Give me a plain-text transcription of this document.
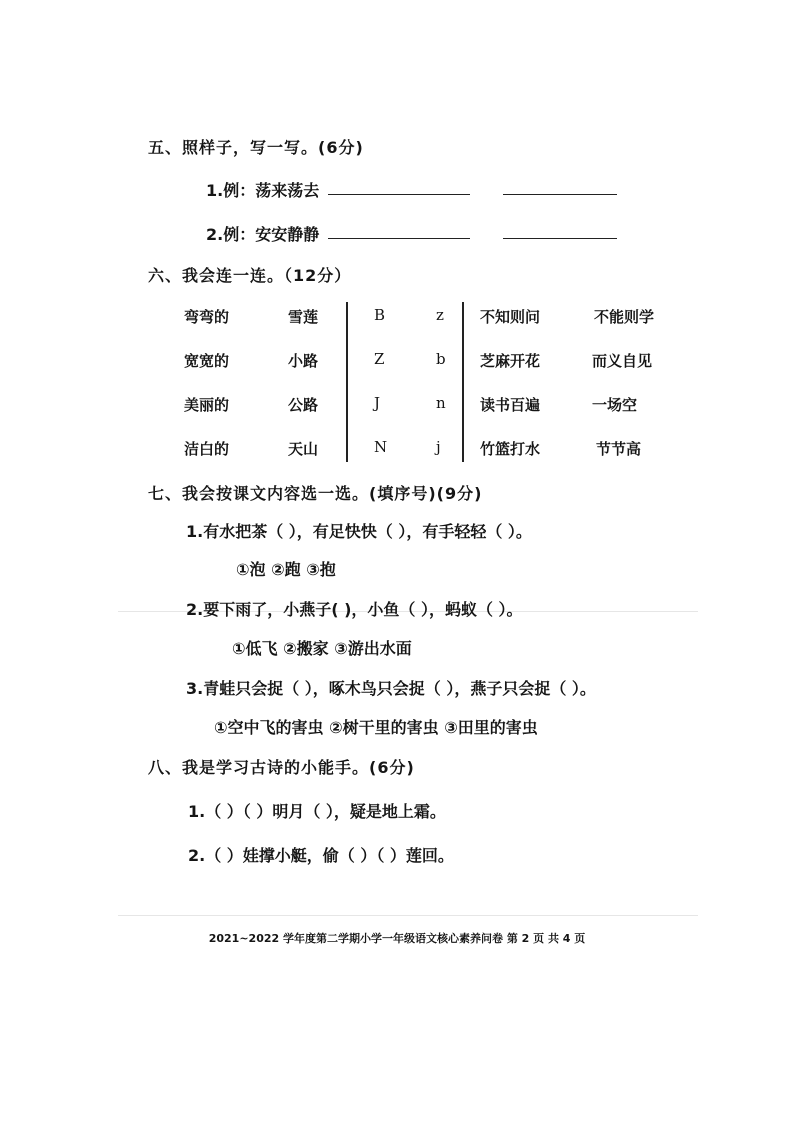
五、照样子，写一写。(6分)
1.例：荡来荡去
2.例：安安静静
六、我会连一连。（12分）
弯弯的
宽宽的
美丽的
洁白的
雪莲
小路
公路
天山
B
Z
J
N
z
b
n
j
不知则问
芝麻开花
读书百遍
竹篮打水
不能则学
而义自见
一场空
节节高
七、我会按课文内容选一选。(填序号)(9分)
1.有水把茶（ ），有足快快（ ），有手轻轻（ ）。
①泡 ②跑 ③抱
2.要下雨了，小燕子( )，小鱼（ ），蚂蚁（ ）。
①低飞 ②搬家 ③游出水面
3.青蛙只会捉（ ），啄木鸟只会捉（ ），燕子只会捉（ ）。
①空中飞的害虫 ②树干里的害虫 ③田里的害虫
八、我是学习古诗的小能手。(6分)
1.（ ）（ ）明月（ ），疑是地上霜。
2.（ ）娃撑小艇，偷（ ）（ ）莲回。
2021~2022 学年度第二学期小学一年级语文核心素养问卷 第 2 页 共 4 页
